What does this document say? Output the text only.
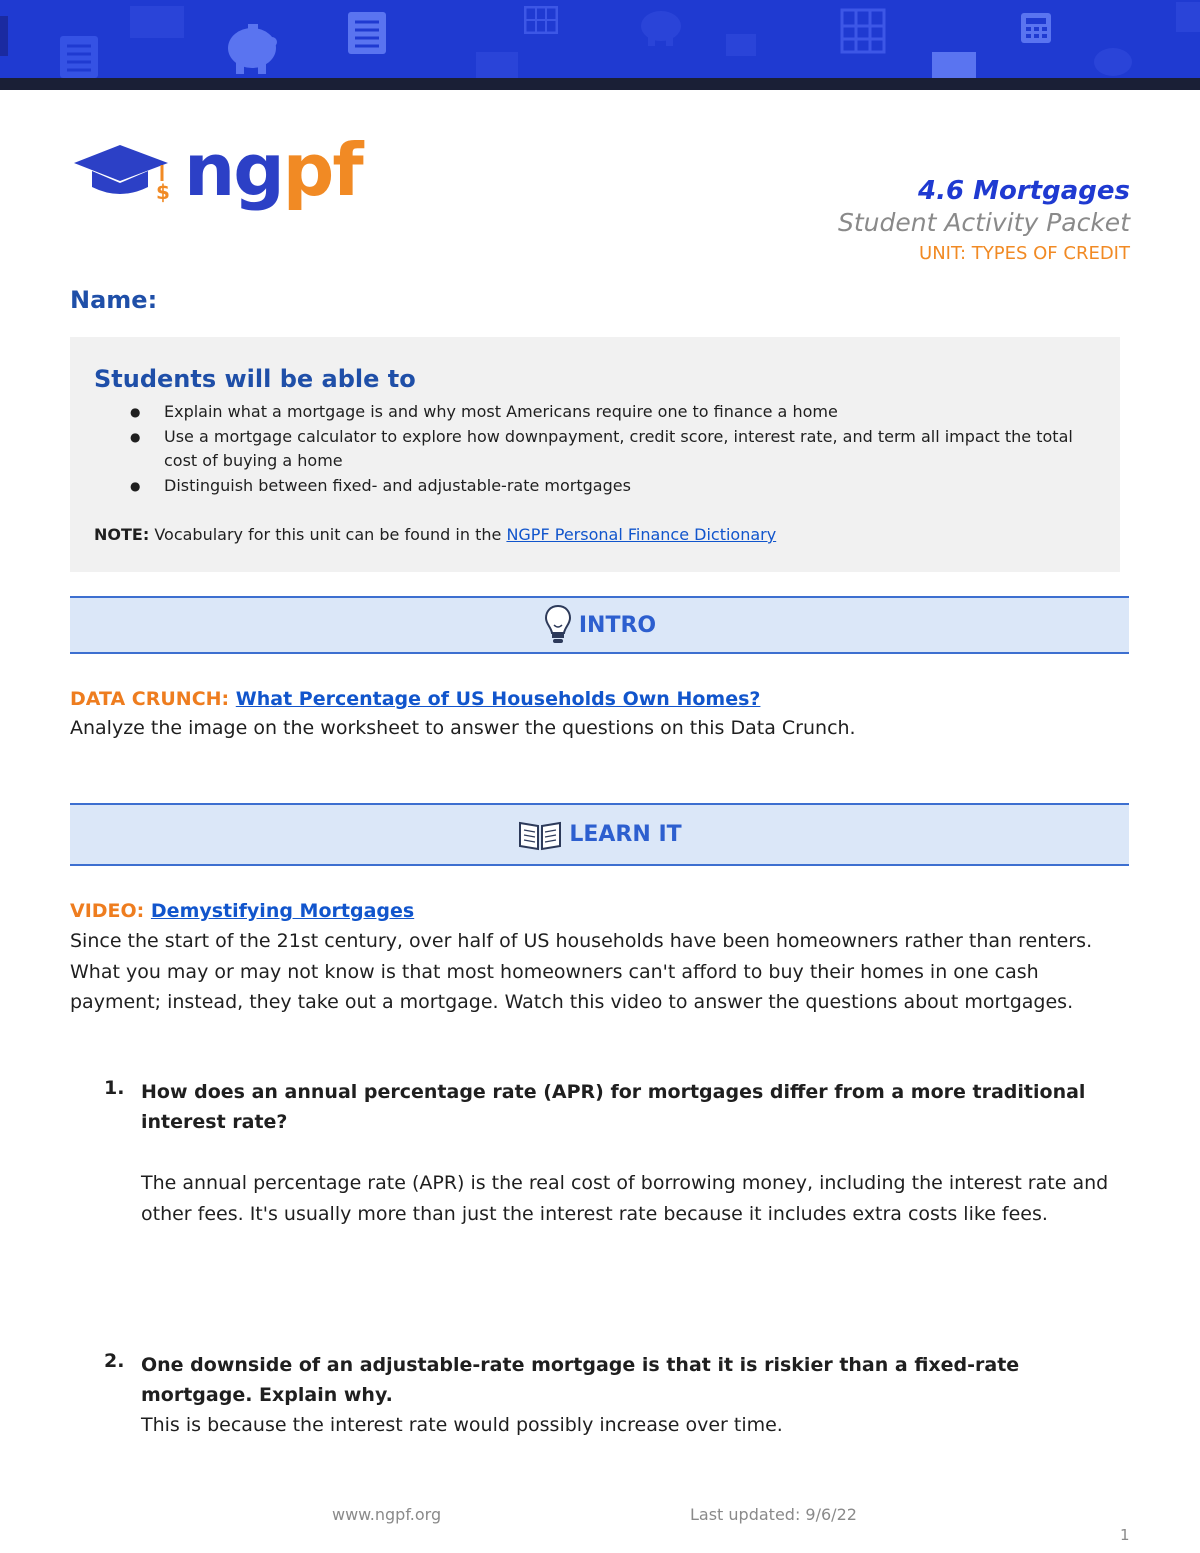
$ ngpf	4.6 Mortgages
Student Activity Packet
UNIT: TYPES OF CREDIT
Name:
Students will be able to
● Explain what a mortgage is and why most Americans require one to finance a home
● Use a mortgage calculator to explore how downpayment, credit score, interest rate, and term all impact the total cost of buying a home
● Distinguish between fixed- and adjustable-rate mortgages
NOTE: Vocabulary for this unit can be found in the NGPF Personal Finance Dictionary
INTRO
DATA CRUNCH: What Percentage of US Households Own Homes?
Analyze the image on the worksheet to answer the questions on this Data Crunch.
LEARN IT
VIDEO: Demystifying Mortgages
Since the start of the 21st century, over half of US households have been homeowners rather than renters. What you may or may not know is that most homeowners can't afford to buy their homes in one cash payment; instead, they take out a mortgage. Watch this video to answer the questions about mortgages.
1. How does an annual percentage rate (APR) for mortgages differ from a more traditional interest rate?
The annual percentage rate (APR) is the real cost of borrowing money, including the interest rate and other fees. It's usually more than just the interest rate because it includes extra costs like fees.
2. One downside of an adjustable-rate mortgage is that it is riskier than a fixed-rate mortgage. Explain why.
This is because the interest rate would possibly increase over time.
www.ngpf.org	Last updated: 9/6/22
1
